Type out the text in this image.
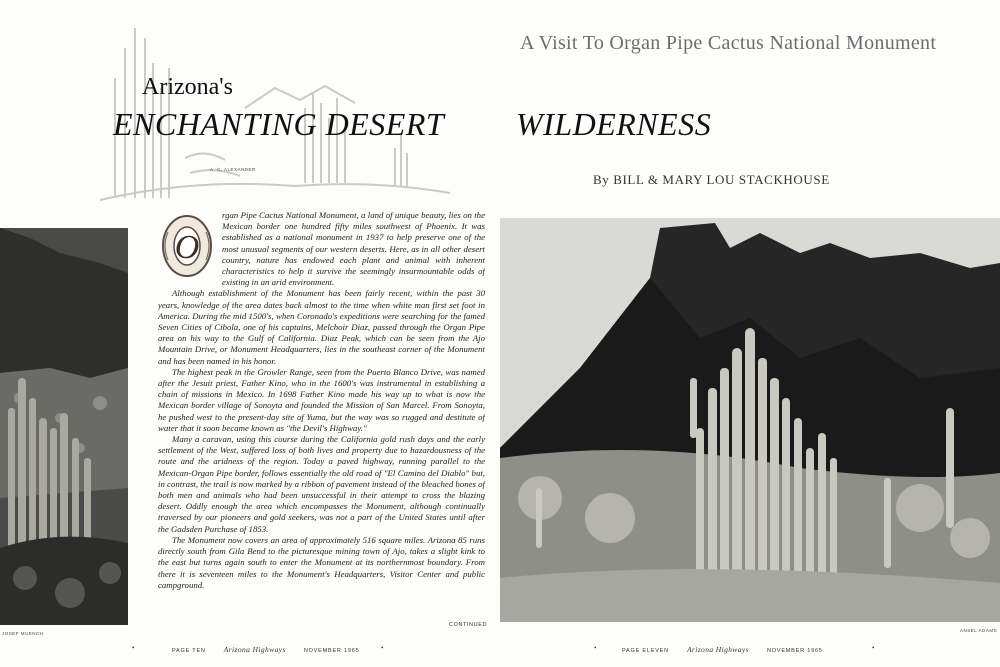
A Visit To Organ Pipe Cactus National Monument
Arizona's
ENCHANTING DESERT WILDERNESS
A. C. ALEXANDER
By BILL & MARY LOU STACKHOUSE
JOSEF MUENCH
O

rgan Pipe Cactus National Monument, a land of unique beauty, lies on the Mexican border one hundred fifty miles southwest of Phoenix. It was established as a national monument in 1937 to help preserve one of the most unusual segments of our western deserts. Here, as in all other desert country, nature has endowed each plant and animal with inherent characteristics to help it survive the seemingly insurmountable odds of existing in an arid environment.

Although establishment of the Monument has been fairly recent, within the past 30 years, knowledge of the area dates back almost to the time when white man first set foot in America. During the mid 1500's, when Coronado's expeditions were searching for the famed Seven Cities of Cibola, one of his captains, Melchoir Diaz, passed through the Organ Pipe area on his way to the Gulf of California. Diaz Peak, which can be seen from the Ajo Mountain Drive, or Monument Headquarters, lies in the southeast corner of the Monument and has been named in his honor.

The highest peak in the Growler Range, seen from the Puerto Blanco Drive, was named after the Jesuit priest, Father Kino, who in the 1600's was instrumental in establishing a chain of missions in Mexico. In 1698 Father Kino made his way up to what is now the Mexican border village of Sonoyta and founded the Mission of San Marcel. From Sonoyta, he pushed west to the present-day site of Yuma, but the way was so rugged and destitute of water that it soon became known as "the Devil's Highway."

Many a caravan, using this course during the California gold rush days and the early settlement of the West, suffered loss of both lives and property due to hazardousness of the route and the aridness of the region. Today a paved highway, running parallel to the Mexican-Organ Pipe border, follows essentially the old road of "El Camino del Diablo" but, in contrast, the trail is now marked by a ribbon of pavement instead of the bleached bones of both men and animals who had been unsuccessful in their attempt to cross the blazing desert. Oddly enough the area which encompasses the Monument, although continually traversed by our pioneers and gold seekers, was not a part of the United States until after the Gadsden Purchase of 1853.

The Monument now covers an area of approximately 516 square miles. Arizona 85 runs directly south from Gila Bend to the picturesque mining town of Ajo, takes a slight kink to the east but turns again south to enter the Monument at its northernmost boundary. From there it is seventeen miles to the Monument's Headquarters, Visitor Center and public campground.

CONTINUED
ANSEL ADAMS
•	PAGE TEN Arizona Highways	NOVEMBER 1965	•	•	PAGE ELEVEN Arizona Highways	NOVEMBER 1965	•
